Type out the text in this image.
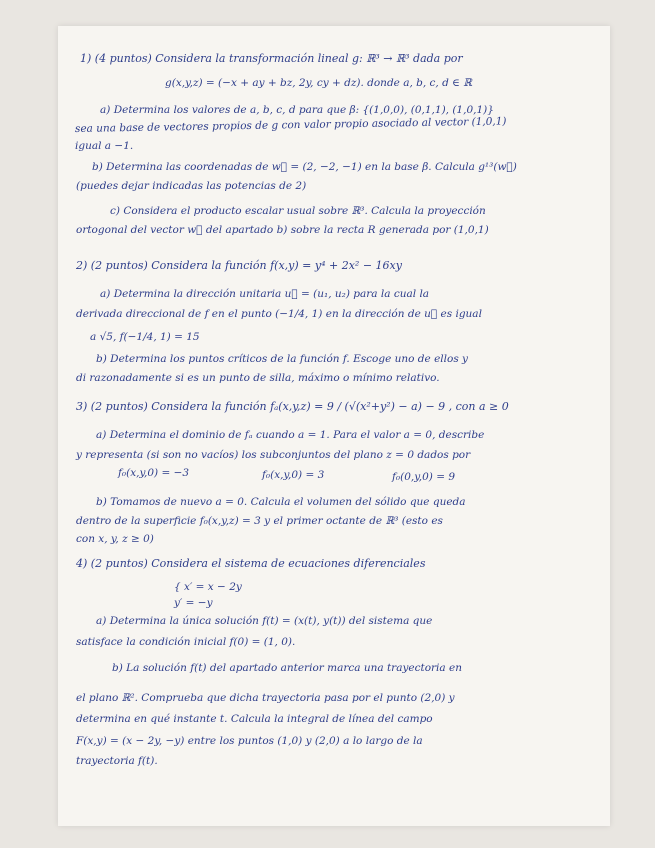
1) (4 puntos) Considera la transformación lineal g: ℝ³ → ℝ³ dada por
g(x,y,z) = (−x + ay + bz, 2y, cy + dz). donde a, b, c, d ∈ ℝ
a) Determina los valores de a, b, c, d para que β: {(1,0,0), (0,1,1), (1,0,1)}
sea una base de vectores propios de g con valor propio asociado al vector (1,0,1)
igual a −1.
b) Determina las coordenadas de w⃗ = (2, −2, −1) en la base β. Calcula g¹³(w⃗)
(puedes dejar indicadas las potencias de 2)
c) Considera el producto escalar usual sobre ℝ³. Calcula la proyección
ortogonal del vector w⃗ del apartado b) sobre la recta R generada por (1,0,1)
2) (2 puntos) Considera la función f(x,y) = y⁴ + 2x² − 16xy
a) Determina la dirección unitaria u⃗ = (u₁, u₂) para la cual la
derivada direccional de f en el punto (−1/4, 1) en la dirección de u⃗ es igual
a √5, f(−1/4, 1) = 15
b) Determina los puntos críticos de la función f. Escoge uno de ellos y
di razonadamente si es un punto de silla, máximo o mínimo relativo.
3) (2 puntos) Considera la función fₐ(x,y,z) = 9 / (√(x²+y²) − a) − 9 , con a ≥ 0
a) Determina el dominio de fₐ cuando a = 1. Para el valor a = 0, describe
y representa (si son no vacíos) los subconjuntos del plano z = 0 dados por
f₀(x,y,0) = −3	f₀(x,y,0) = 3	f₀(0,y,0) = 9
b) Tomamos de nuevo a = 0. Calcula el volumen del sólido que queda
dentro de la superficie f₀(x,y,z) = 3 y el primer octante de ℝ³ (esto es
con x, y, z ≥ 0)
4) (2 puntos) Considera el sistema de ecuaciones diferenciales
{ x′ = x − 2y
y′ = −y
a) Determina la única solución f(t) = (x(t), y(t)) del sistema que
satisface la condición inicial f(0) = (1, 0).
b) La solución f(t) del apartado anterior marca una trayectoria en
el plano ℝ². Comprueba que dicha trayectoria pasa por el punto (2,0) y
determina en qué instante t. Calcula la integral de línea del campo
F(x,y) = (x − 2y, −y) entre los puntos (1,0) y (2,0) a lo largo de la
trayectoria f(t).
